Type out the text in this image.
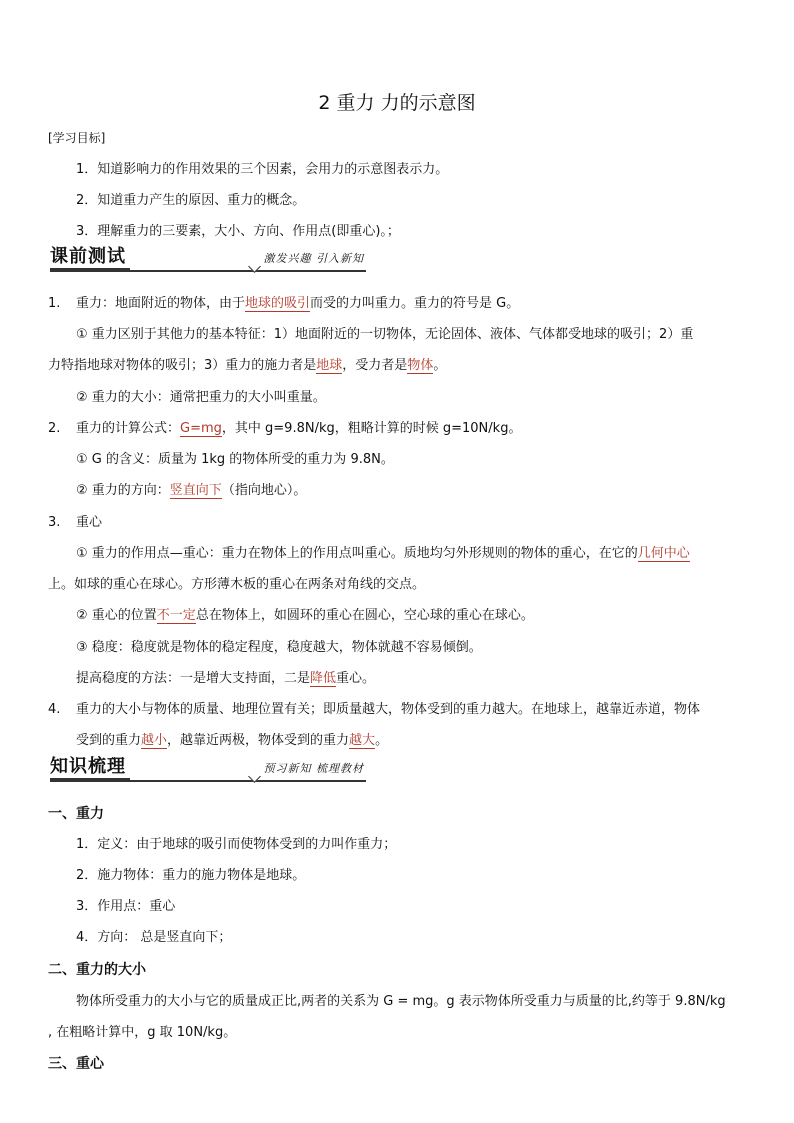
2 重力 力的示意图
[学习目标]
1．知道影响力的作用效果的三个因素，会用力的示意图表示力。
2．知道重力产生的原因、重力的概念。
3．理解重力的三要素，大小、方向、作用点(即重心)。；
课前测试	激发兴趣 引入新知
1. 重力：地面附近的物体，由于地球的吸引而受的力叫重力。重力的符号是 G。
① 重力区别于其他力的基本特征：1）地面附近的一切物体，无论固体、液体、气体都受地球的吸引；2）重
力特指地球对物体的吸引；3）重力的施力者是地球，受力者是物体。
② 重力的大小：通常把重力的大小叫重量。
2. 重力的计算公式：G=mg，其中 g=9.8N/kg，粗略计算的时候 g=10N/kg。
① G 的含义：质量为 1kg 的物体所受的重力为 9.8N。
② 重力的方向：竖直向下（指向地心）。
3. 重心
① 重力的作用点—重心：重力在物体上的作用点叫重心。质地均匀外形规则的物体的重心，在它的几何中心
上。如球的重心在球心。方形薄木板的重心在两条对角线的交点。
② 重心的位置不一定总在物体上，如圆环的重心在圆心，空心球的重心在球心。
③ 稳度：稳度就是物体的稳定程度，稳度越大，物体就越不容易倾倒。
提高稳度的方法：一是增大支持面，二是降低重心。
4. 重力的大小与物体的质量、地理位置有关；即质量越大，物体受到的重力越大。在地球上，越靠近赤道，物体
受到的重力越小，越靠近两极，物体受到的重力越大。
知识梳理	预习新知 梳理教材
一、重力
1．定义：由于地球的吸引而使物体受到的力叫作重力；
2．施力物体：重力的施力物体是地球。
3．作用点：重心
4．方向： 总是竖直向下；
二、重力的大小
物体所受重力的大小与它的质量成正比,两者的关系为 G = mg。g 表示物体所受重力与质量的比,约等于 9.8N/kg
, 在粗略计算中，g 取 10N/kg。
三、重心
